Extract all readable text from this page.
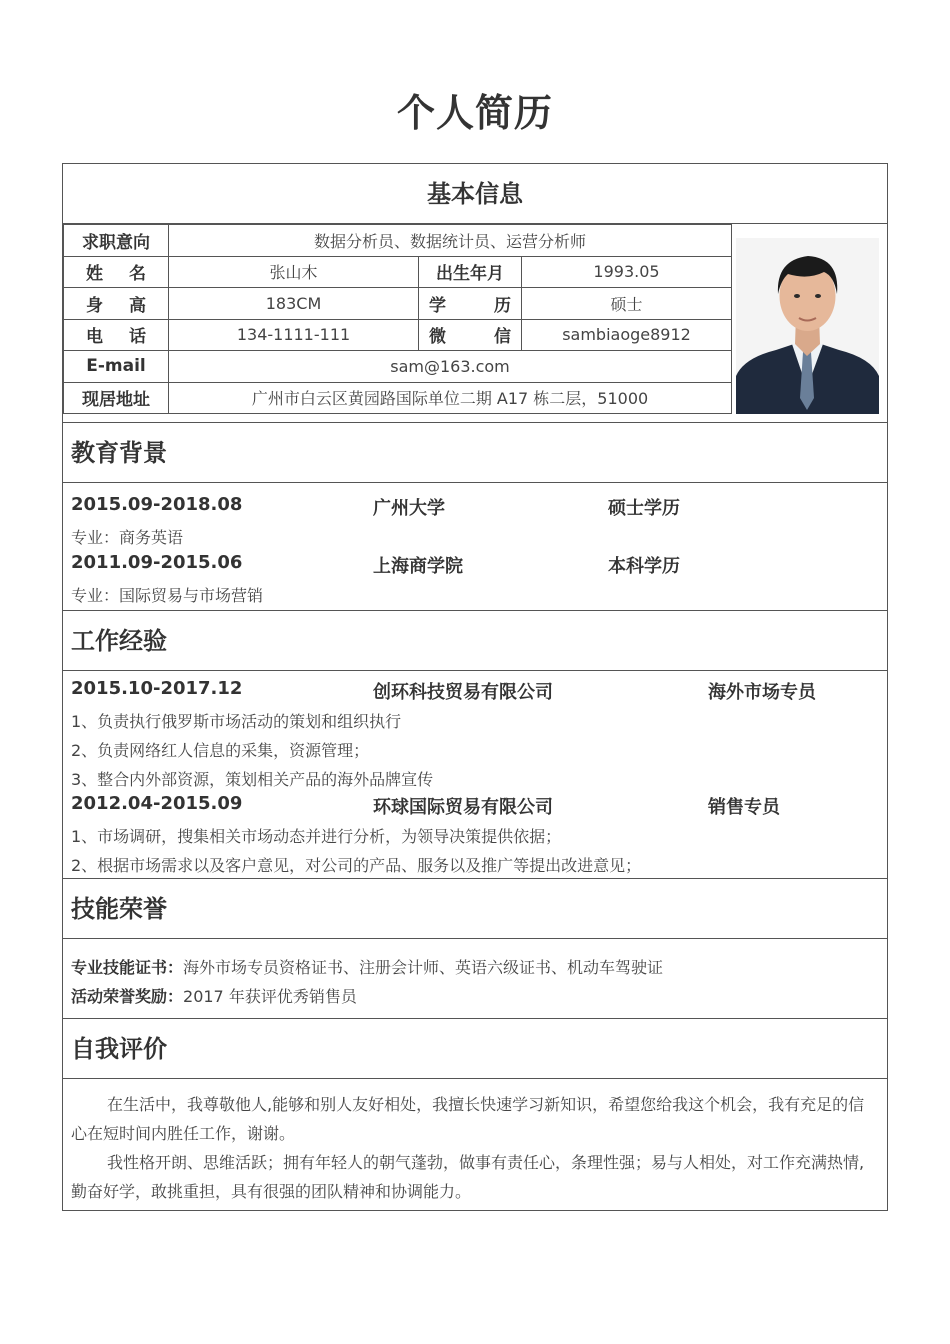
个人简历
基本信息
求职意向	数据分析员、数据统计员、运营分析师		

姓 名	张山木	出生年月	1993.05

身 高	183CM	学 历	硕士

电 话	134-1111-111	微 信	sambiaoge8912
E-mail	sam@163.com		
现居地址	广州市白云区黄园路国际单位二期 A17 栋二层，51000		
教育背景
2015.09-2018.08	广州大学	硕士学历
专业：商务英语
2011.09-2015.06	上海商学院	本科学历
专业：国际贸易与市场营销
工作经验
2015.10-2017.12	创环科技贸易有限公司	海外市场专员
1、负责执行俄罗斯市场活动的策划和组织执行
2、负责网络红人信息的采集，资源管理；
3、整合内外部资源，策划相关产品的海外品牌宣传
2012.04-2015.09	环球国际贸易有限公司	销售专员
1、市场调研，搜集相关市场动态并进行分析，为领导决策提供依据；
2、根据市场需求以及客户意见，对公司的产品、服务以及推广等提出改进意见；
技能荣誉
专业技能证书：海外市场专员资格证书、注册会计师、英语六级证书、机动车驾驶证
活动荣誉奖励：2017 年获评优秀销售员
自我评价
在生活中，我尊敬他人,能够和别人友好相处，我擅长快速学习新知识，希望您给我这个机会，我有充足的信心在短时间内胜任工作，谢谢。
我性格开朗、思维活跃；拥有年轻人的朝气蓬勃，做事有责任心，条理性强；易与人相处，对工作充满热情,勤奋好学，敢挑重担，具有很强的团队精神和协调能力。
